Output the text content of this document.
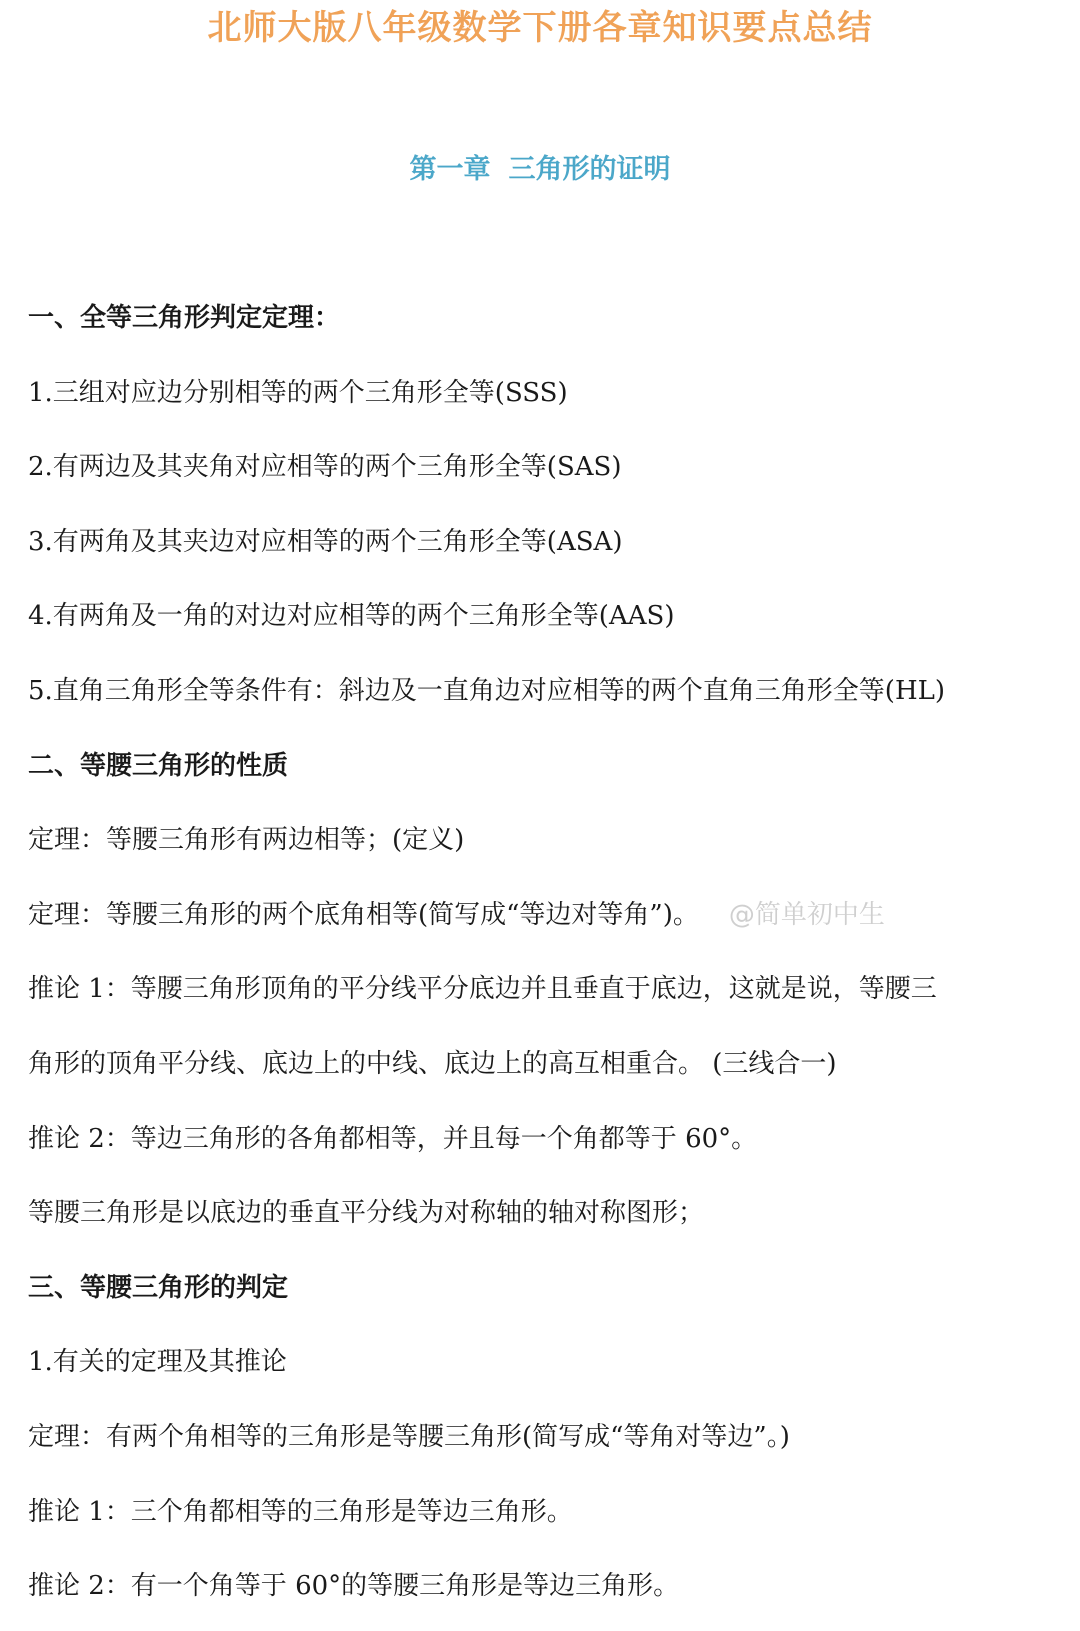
北师大版八年级数学下册各章知识要点总结
第一章 三角形的证明

一、全等三角形判定定理：

1.三组对应边分别相等的两个三角形全等(SSS)

2.有两边及其夹角对应相等的两个三角形全等(SAS)

3.有两角及其夹边对应相等的两个三角形全等(ASA)

4.有两角及一角的对边对应相等的两个三角形全等(AAS)

5.直角三角形全等条件有：斜边及一直角边对应相等的两个直角三角形全等(HL)

二、等腰三角形的性质

定理：等腰三角形有两边相等；(定义)

定理：等腰三角形的两个底角相等(简写成“等边对等角”)。 @简单初中生

推论 1：等腰三角形顶角的平分线平分底边并且垂直于底边，这就是说，等腰三

角形的顶角平分线、底边上的中线、底边上的高互相重合。 (三线合一)

推论 2：等边三角形的各角都相等，并且每一个角都等于 60°。

等腰三角形是以底边的垂直平分线为对称轴的轴对称图形；

三、等腰三角形的判定

1.有关的定理及其推论

定理：有两个角相等的三角形是等腰三角形(简写成“等角对等边”。)

推论 1：三个角都相等的三角形是等边三角形。

推论 2：有一个角等于 60°的等腰三角形是等边三角形。
